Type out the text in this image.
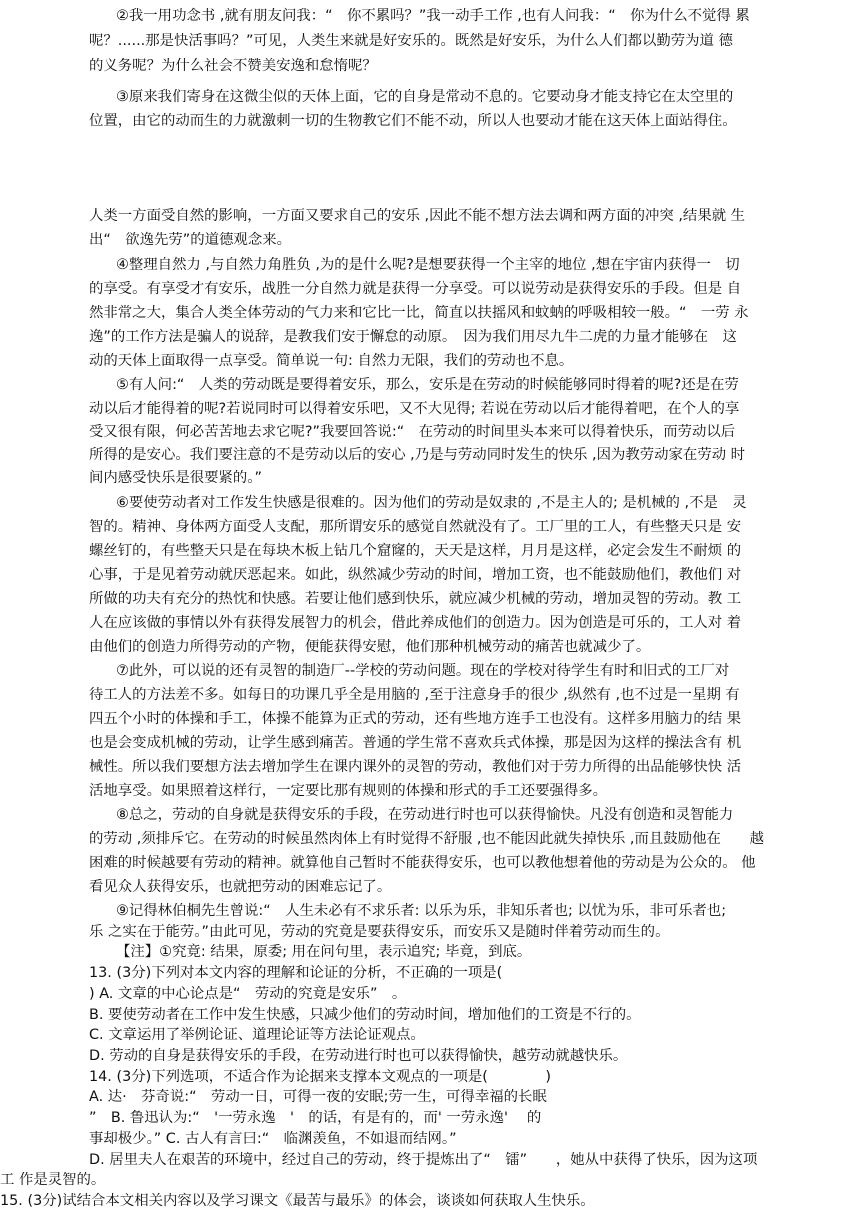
②我一用功念书 ,就有朋友问我：“　你不累吗？”我一动手工作 ,也有人问我：“　你为什么不觉得 累

呢？......那是快活事吗？”可见，人类生来就是好安乐的。既然是好安乐，为什么人们都以勤劳为道 德

的义务呢？为什么社会不赞美安逸和怠惰呢？

③原来我们寄身在这微尘似的天体上面，它的自身是常动不息的。它要动身才能支持它在太空里的

位置，由它的动而生的力就激刺一切的生物教它们不能不动，所以人也要动才能在这天体上面站得住。

人类一方面受自然的影响，一方面又要求自己的安乐 ,因此不能不想方法去调和两方面的冲突 ,结果就 生

出“　欲逸先劳”的道德观念来。

④整理自然力 ,与自然力角胜负 ,为的是什么呢?是想要获得一个主宰的地位 ,想在宇宙内获得一　切

的享受。有享受才有安乐，战胜一分自然力就是获得一分享受。可以说劳动是获得安乐的手段。但是 自

然非常之大，集合人类全体劳动的气力来和它比一比，简直以扶摇风和蚊蚋的呼吸相较一般。“　一劳 永

逸”的工作方法是骗人的说辞，是教我们安于懈怠的动原。　因为我们用尽九牛二虎的力量才能够在　这

动的天体上面取得一点享受。简单说一句: 自然力无限，我们的劳动也不息。

⑤有人问:“　人类的劳动既是要得着安乐，那么，安乐是在劳动的时候能够同时得着的呢?还是在劳

动以后才能得着的呢?若说同时可以得着安乐吧，又不大见得; 若说在劳动以后才能得着吧，在个人的享

受又很有限，何必苦苦地去求它呢?”我要回答说:“　在劳动的时间里头本来可以得着快乐，而劳动以后

所得的是安心。我们要注意的不是劳动以后的安心 ,乃是与劳动同时发生的快乐 ,因为教劳动家在劳动 时

间内感受快乐是很要紧的。”

⑥要使劳动者对工作发生快感是很难的。因为他们的劳动是奴隶的 ,不是主人的; 是机械的 ,不是　灵

智的。精神、身体两方面受人支配，那所谓安乐的感觉自然就没有了。工厂里的工人，有些整天只是 安

螺丝钉的，有些整天只是在每块木板上钻几个窟窿的，天天是这样，月月是这样，必定会发生不耐烦 的

心事，于是见着劳动就厌恶起来。如此，纵然减少劳动的时间，增加工资，也不能鼓励他们，教他们 对

所做的功夫有充分的热忱和快感。若要让他们感到快乐，就应减少机械的劳动，增加灵智的劳动。教 工

人在应该做的事情以外有获得发展智力的机会，借此养成他们的创造力。因为创造是可乐的，工人对 着

由他们的创造力所得劳动的产物，便能获得安慰，他们那种机械劳动的痛苦也就减少了。

⑦此外，可以说的还有灵智的制造厂--学校的劳动问题。现在的学校对待学生有时和旧式的工厂对

待工人的方法差不多。如每日的功课几乎全是用脑的 ,至于注意身手的很少 ,纵然有 ,也不过是一星期 有

四五个小时的体操和手工，体操不能算为正式的劳动，还有些地方连手工也没有。这样多用脑力的结 果

也是会变成机械的劳动，让学生感到痛苦。普通的学生常不喜欢兵式体操，那是因为这样的操法含有 机

械性。所以我们要想方法去增加学生在课内课外的灵智的劳动，教他们对于劳力所得的出品能够快快 活

活地享受。如果照着这样行，一定要比那有规则的体操和形式的手工还要强得多。

⑧总之，劳动的自身就是获得安乐的手段，在劳动进行时也可以获得愉快。凡没有创造和灵智能力

的劳动 ,须排斥它。在劳动的时候虽然肉体上有时觉得不舒服 ,也不能因此就失掉快乐 ,而且鼓励他在　　越

困难的时候越要有劳动的精神。就算他自己暂时不能获得安乐，也可以教他想着他的劳动是为公众的。 他

看见众人获得安乐，也就把劳动的困难忘记了。

⑨记得林伯桐先生曾说:“　人生未必有不求乐者: 以乐为乐，非知乐者也; 以忧为乐，非可乐者也;

乐 之实在于能劳。”由此可见，劳动的究竟是要获得安乐，而安乐又是随时伴着劳动而生的。

【注】①究竟: 结果，原委; 用在问句里，表示追究; 毕竟，到底。

13. (3分)下列对本文内容的理解和论证的分析，不正确的一项是(

) A. 文章的中心论点是“　劳动的究竟是安乐”　。

B. 要使劳动者在工作中发生快感，只减少他们的劳动时间，增加他们的工资是不行的。

C. 文章运用了举例论证、道理论证等方法论证观点。

D. 劳动的自身是获得安乐的手段，在劳动进行时也可以获得愉快，越劳动就越快乐。

14. (3分)下列选项，不适合作为论据来支撑本文观点的一项是(　　　　)

A. 达·　芬奇说:“　劳动一日，可得一夜的安眠;劳一生，可得幸福的长眠

”　B. 鲁迅认为:“　'一劳永逸　'　的话，有是有的，而' 一劳永逸'　 的

事却极少。” C. 古人有言曰:“　临渊羡鱼，不如退而结网。”

D. 居里夫人在艰苦的环境中，经过自己的劳动，终于提炼出了“　镭”　　，她从中获得了快乐，因为这项

工 作是灵智的。

15. (3分)试结合本文相关内容以及学习课文《最苦与最乐》的体会，谈谈如何获取人生快乐。
